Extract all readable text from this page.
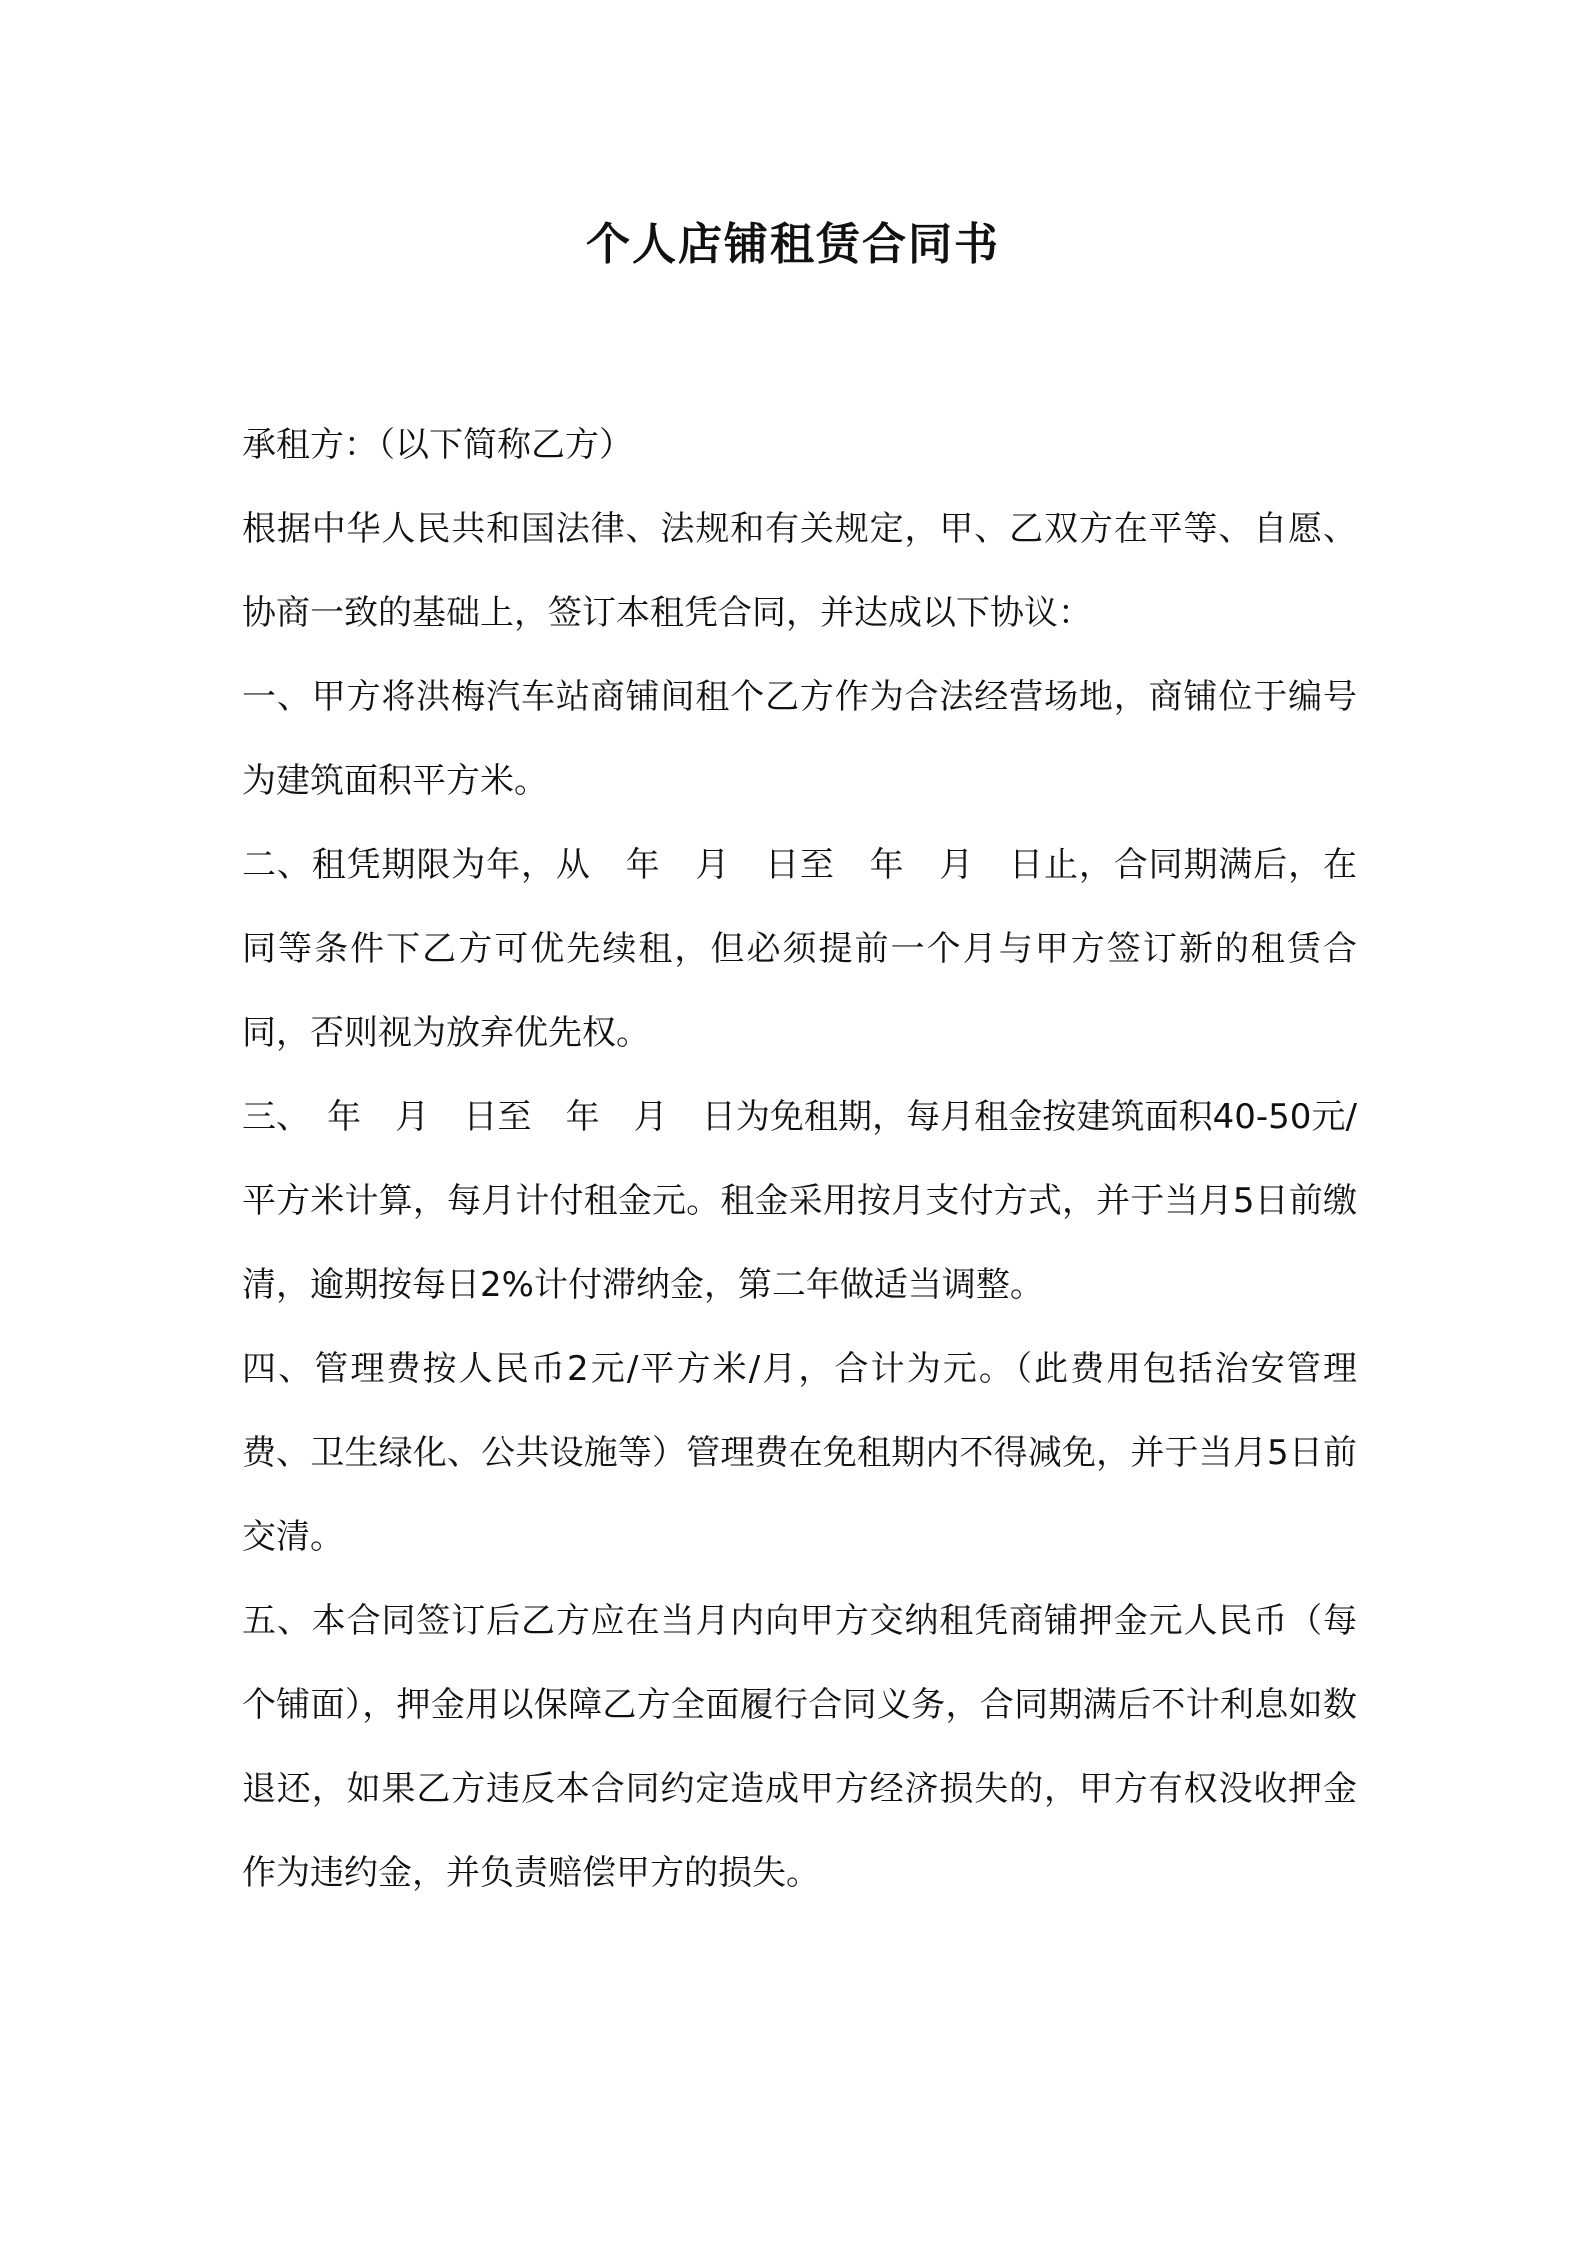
个人店铺租赁合同书

承租方：（以下简称乙方）

根据中华人民共和国法律、法规和有关规定，甲、乙双方在平等、自愿、协商一致的基础上，签订本租凭合同，并达成以下协议：

一、甲方将洪梅汽车站商铺间租个乙方作为合法经营场地，商铺位于编号为建筑面积平方米。

二、租凭期限为年，从　年　月　日至　年　月　日止，合同期满后，在同等条件下乙方可优先续租，但必须提前一个月与甲方签订新的租赁合同，否则视为放弃优先权。

三、　年　月　日至　年　月　日为免租期，每月租金按建筑面积40-50元/平方米计算，每月计付租金元。租金采用按月支付方式，并于当月5日前缴清，逾期按每日2%计付滞纳金，第二年做适当调整。

四、管理费按人民币2元/平方米/月，合计为元。（此费用包括治安管理费、卫生绿化、公共设施等）管理费在免租期内不得减免，并于当月5日前交清。

五、本合同签订后乙方应在当月内向甲方交纳租凭商铺押金元人民币（每个铺面），押金用以保障乙方全面履行合同义务，合同期满后不计利息如数退还，如果乙方违反本合同约定造成甲方经济损失的，甲方有权没收押金作为违约金，并负责赔偿甲方的损失。
